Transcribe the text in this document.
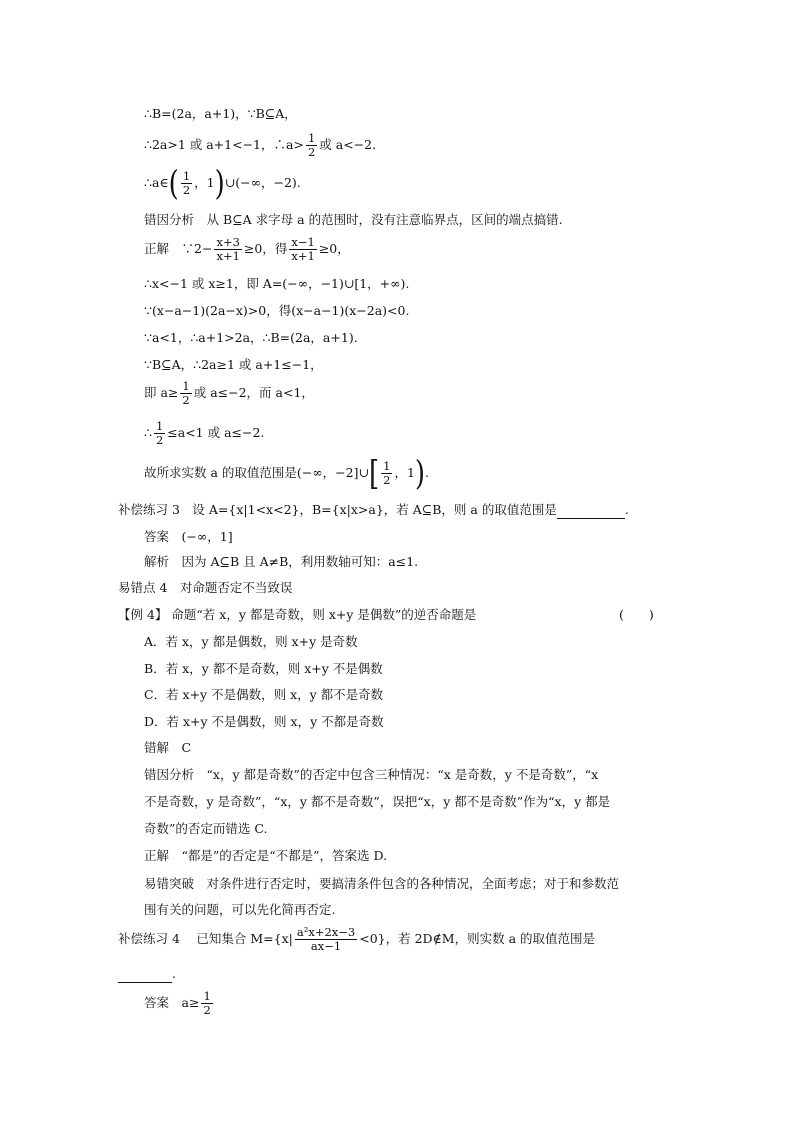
∴B=(2a，a+1)，∵B⊆A，
∴2a>1 或 a+1<−1，∴a> $\frac{1}{2}$ 或 a<−2.
∴a∈( $\frac{1}{2}$ ，1)∪(−∞，−2).
错因分析　 从 B⊆A 求字母 a 的范围时，没有注意临界点，区间的端点搞错.
正解　 ∵2− $\frac{x+3}{x+1} \ge 0$，得 $\frac{x-1}{x+1} \ge 0$，
∴x<−1 或 x≥1，即 A=(−∞，−1)∪[1，+∞).
∵(x−a−1)(2a−x)>0，得(x−a−1)(x−2a)<0.
∵a<1，∴a+1>2a，∴B=(2a，a+1).
∵B⊆A，∴2a≥1 或 a+1≤−1，
即 $a\ge \frac{1}{2}$ 或 a≤−2，而 a<1，
∴ $\frac{1}{2} \le a<1$ 或 a≤−2.
故所求实数 a 的取值范围是(−∞，−2]∪[ $\frac{1}{2}$ ，1).
补偿练习 3　设 A={x|1<x<2}，B={x|x>a}，若 A⊆B，则 a 的取值范围是	.
答案　(−∞，1]
解析　因为 A⊆B 且 A≠B，利用数轴可知：a≤1.
易错点 4　对命题否定不当致误
【例 4】 命题“若 x，y 都是奇数，则 x+y 是偶数”的逆否命题是	(　　)
A．若 x，y 都是偶数，则 x+y 是奇数
B．若 x，y 都不是奇数，则 x+y 不是偶数
C．若 x+y 不是偶数，则 x，y 都不是奇数
D．若 x+y 不是偶数，则 x，y 不都是奇数
错解　C
错因分析　“x，y 都是奇数”的否定中包含三种情况：“x 是奇数，y 不是奇数”，“x
不是奇数，y 是奇数”，“x，y 都不是奇数”，误把“x，y 都不是奇数”作为“x，y 都是
奇数”的否定而错选 C.
正解　“都是”的否定是“不都是”，答案选 D.
易错突破　对条件进行否定时，要搞清条件包含的各种情况，全面考虑；对于和参数范
围有关的问题，可以先化简再否定.
补偿练习 4　 已知集合 $M=\{x| \frac{\text{a²x+2x−3}}{ax-1} <0\}$，若 2D∉M，则实数 a 的取值范围是
.
答案　$a\ge \frac{1}{2}$
